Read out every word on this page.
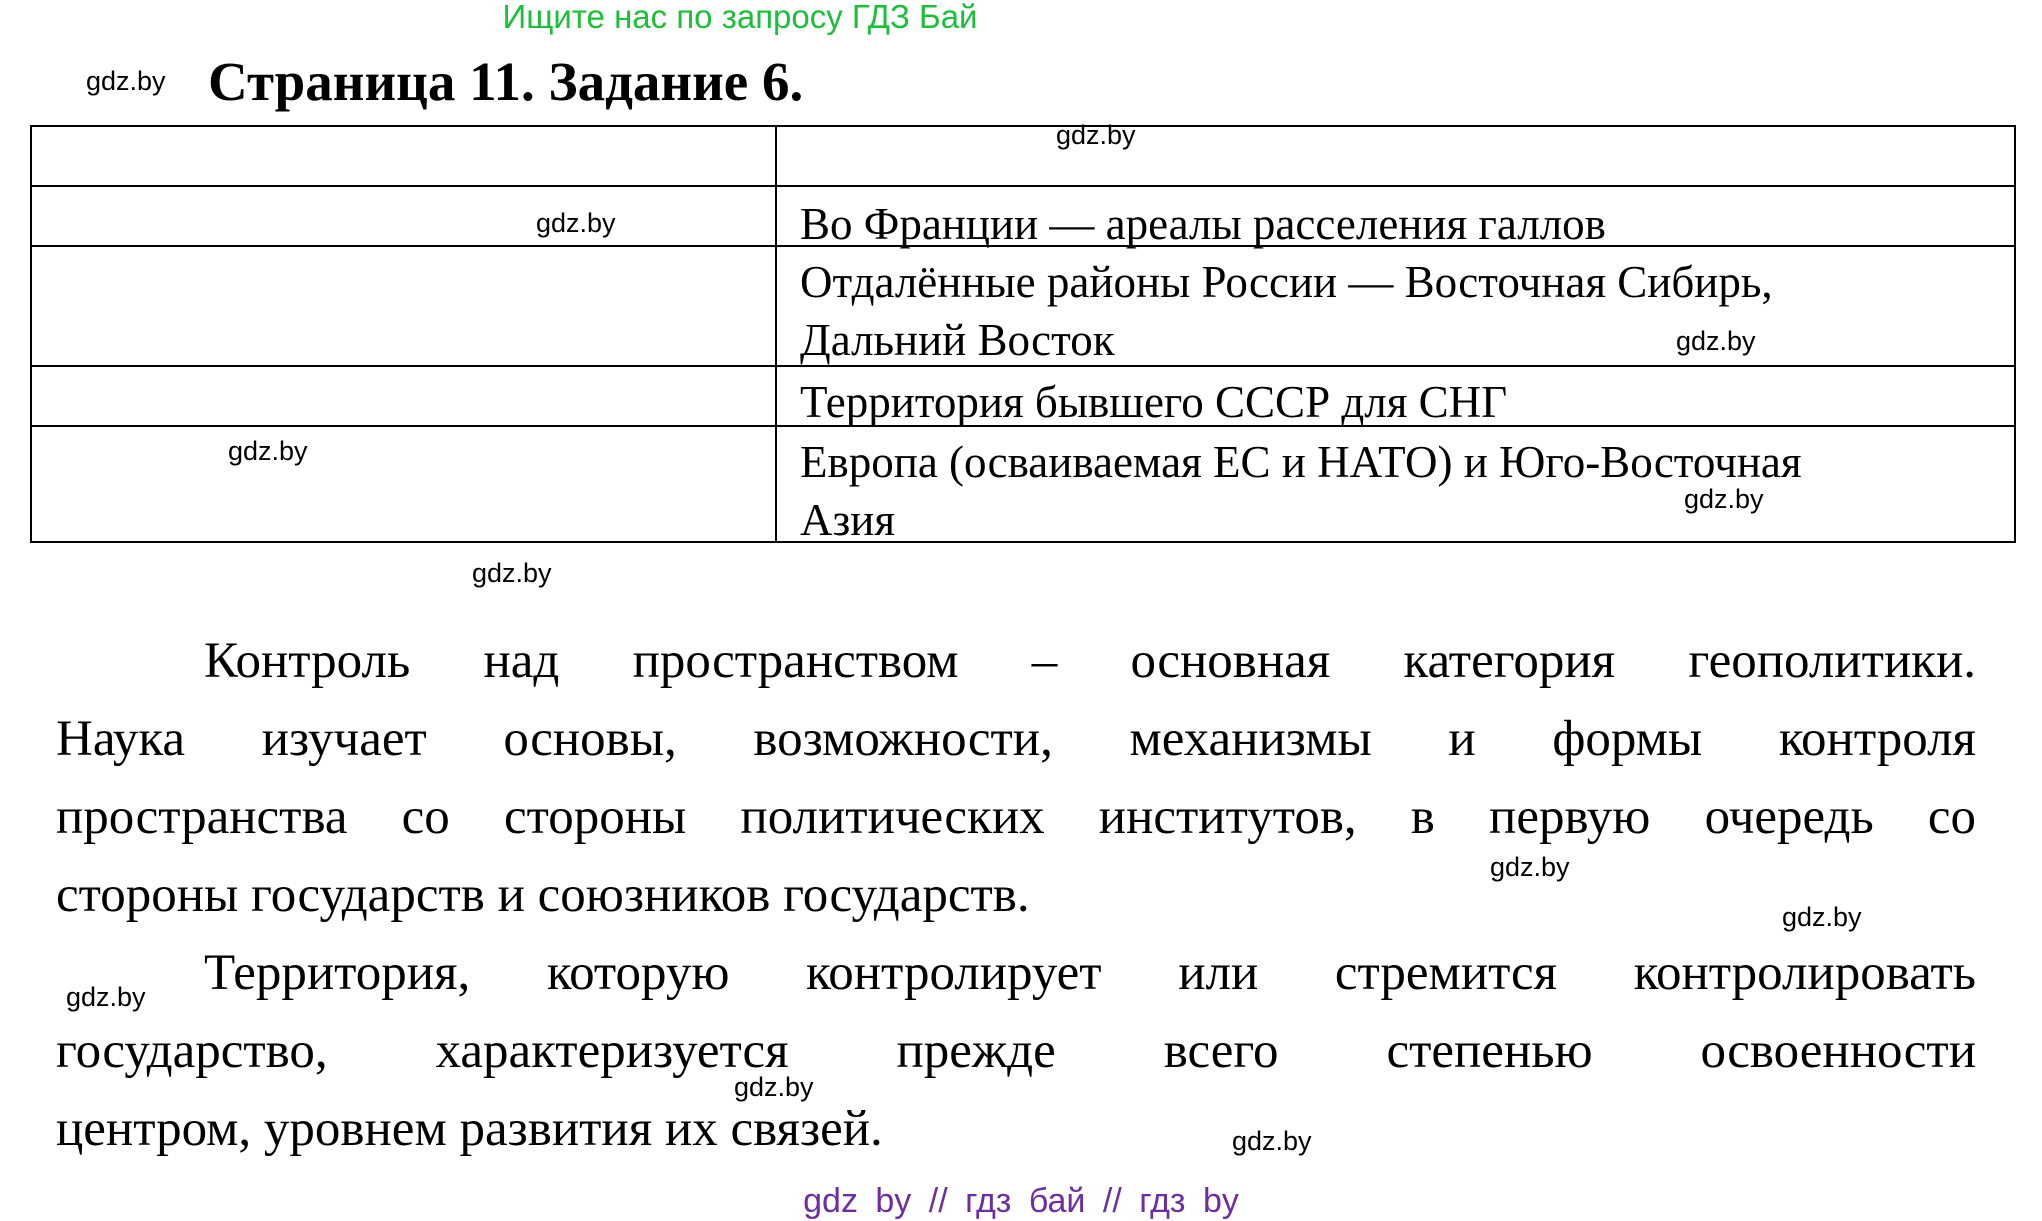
Ищите нас по запросу ГДЗ Бай
gdz.by Страница 11. Задание 6.
Во Франции — ареалы расселения галлов
Отдалённые районы России — Восточная Сибирь,
Дальний Восток
Территория бывшего СССР для СНГ
Европа (осваиваемая ЕС и НАТО) и Юго-Восточная
Азия
gdz.by
gdz.by
gdz.by
gdz.by
gdz.by
gdz.by
Контроль над пространством – основная категория геополитики.
Наука изучает основы, возможности, механизмы и формы контроля
пространства со стороны политических институтов, в первую очередь со
стороны государств и союзников государств.	gdz.by
gdz.by
Территория, которую контролирует или стремится контролировать
государство, характеризуется прежде всего степенью освоенности
центром, уровнем развития их связей.
gdz.by
gdz.by
gdz.by
gdz by // гдз бай // гдз by
